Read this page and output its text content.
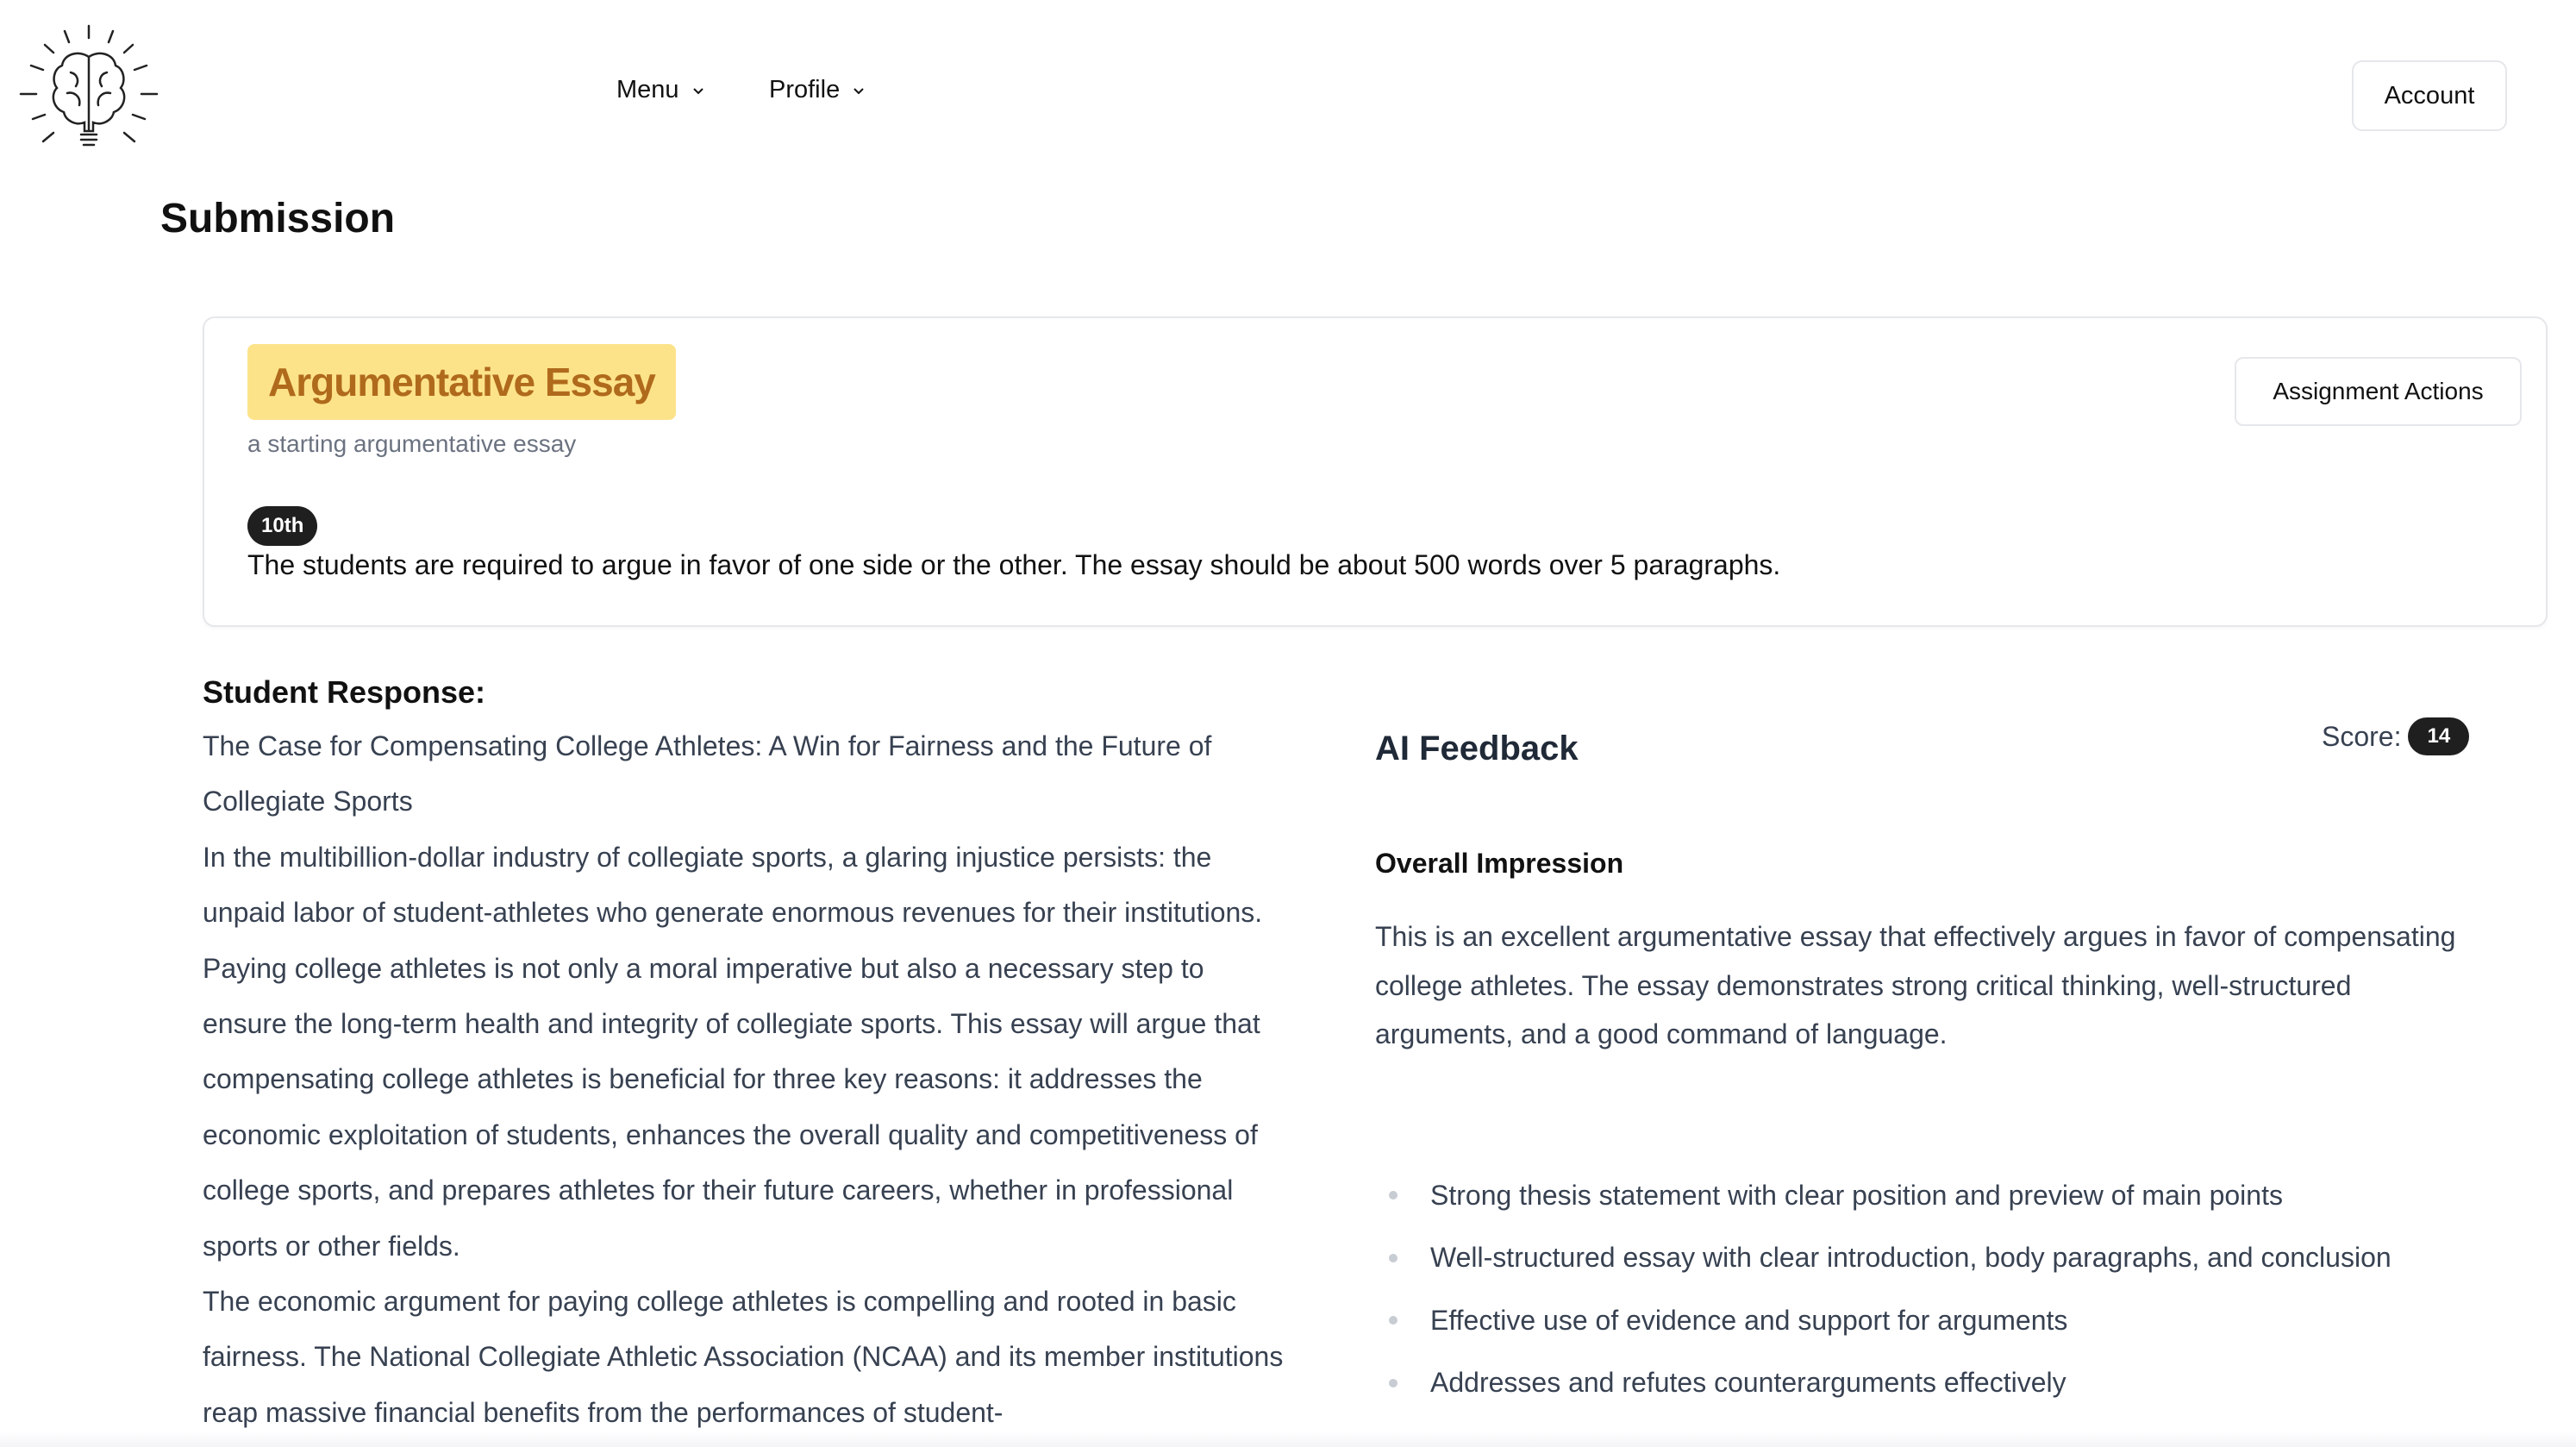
Menu	Profile	Account
Submission
Argumentative Essay
a starting argumentative essay
10th
The students are required to argue in favor of one side or the other. The essay should be about 500 words over 5 paragraphs.
Assignment Actions
Student Response:

The Case for Compensating College Athletes: A Win for Fairness and the Future of Collegiate Sports

In the multibillion-dollar industry of collegiate sports, a glaring injustice persists: the unpaid labor of student-athletes who generate enormous revenues for their institutions. Paying college athletes is not only a moral imperative but also a necessary step to ensure the long-term health and integrity of collegiate sports. This essay will argue that compensating college athletes is beneficial for three key reasons: it addresses the economic exploitation of students, enhances the overall quality and competitiveness of college sports, and prepares athletes for their future careers, whether in professional sports or other fields.

The economic argument for paying college athletes is compelling and rooted in basic fairness. The National Collegiate Athletic Association (NCAA) and its member institutions reap massive financial benefits from the performances of student-

AI Feedback	Score:	14
Overall Impression

This is an excellent argumentative essay that effectively argues in favor of compensating college athletes. The essay demonstrates strong critical thinking, well-structured arguments, and a good command of language.

Strong thesis statement with clear position and preview of main points
Well-structured essay with clear introduction, body paragraphs, and conclusion
Effective use of evidence and support for arguments
Addresses and refutes counterarguments effectively
